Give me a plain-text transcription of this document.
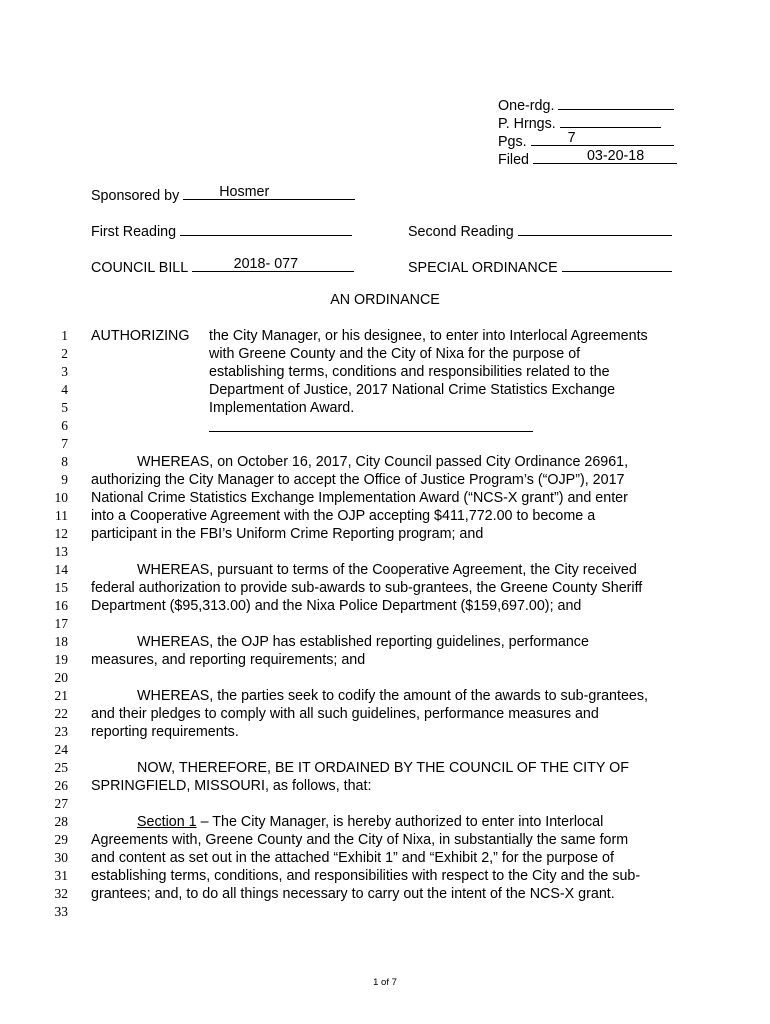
One-rdg.
P. Hrngs.
Pgs.	7
Filed	03-20-18
Sponsored by	Hosmer
First Reading	Second Reading
COUNCIL BILL	2018- 077	SPECIAL ORDINANCE
AN ORDINANCE
1
2
3
4
5
6
7
8
9
10
11
12
13
14
15
16
17
18
19
20
21
22
23
24
25
26
27
28
29
30
31
32
33
AUTHORIZING the City Manager, or his designee, to enter into Interlocal Agreements
with Greene County and the City of Nixa for the purpose of
establishing terms, conditions and responsibilities related to the
Department of Justice, 2017 National Crime Statistics Exchange
Implementation Award.
WHEREAS, on October 16, 2017, City Council passed City Ordinance 26961,
authorizing the City Manager to accept the Office of Justice Program’s (“OJP”), 2017
National Crime Statistics Exchange Implementation Award (“NCS-X grant”) and enter
into a Cooperative Agreement with the OJP accepting $411,772.00 to become a
participant in the FBI’s Uniform Crime Reporting program; and
WHEREAS, pursuant to terms of the Cooperative Agreement, the City received
federal authorization to provide sub-awards to sub-grantees, the Greene County Sheriff
Department ($95,313.00) and the Nixa Police Department ($159,697.00); and
WHEREAS, the OJP has established reporting guidelines, performance
measures, and reporting requirements; and
WHEREAS, the parties seek to codify the amount of the awards to sub-grantees,
and their pledges to comply with all such guidelines, performance measures and
reporting requirements.
NOW, THEREFORE, BE IT ORDAINED BY THE COUNCIL OF THE CITY OF
SPRINGFIELD, MISSOURI, as follows, that:
Section 1 – The City Manager, is hereby authorized to enter into Interlocal
Agreements with, Greene County and the City of Nixa, in substantially the same form
and content as set out in the attached “Exhibit 1” and “Exhibit 2,” for the purpose of
establishing terms, conditions, and responsibilities with respect to the City and the sub-
grantees; and, to do all things necessary to carry out the intent of the NCS-X grant.
1 of 7
